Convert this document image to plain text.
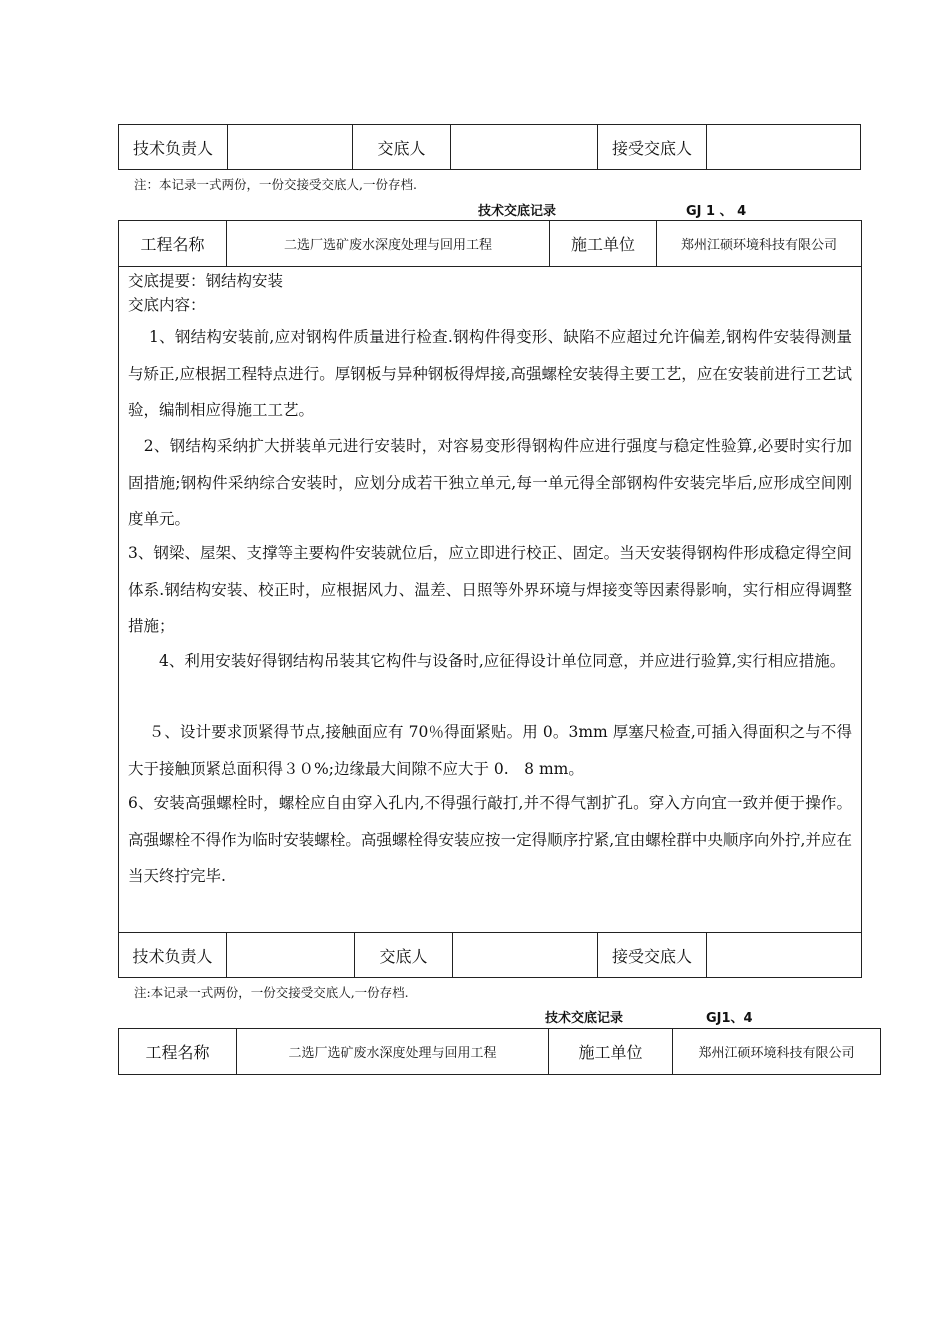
技术负责人		交底人		接受交底人	
注：本记录一式两份，一份交接受交底人,一份存档.
技术交底记录	GJ 1 、 4
工程名称	二选厂选矿废水深度处理与回用工程	施工单位	郑州江硕环境科技有限公司
交底提要：钢结构安装
交底内容：
　 1、钢结构安装前,应对钢构件质量进行检查.钢构件得变形、缺陷不应超过允许偏差,钢构件安装得测量与矫正,应根据工程特点进行。厚钢板与异种钢板得焊接,高强螺栓安装得主要工艺，应在安装前进行工艺试验，编制相应得施工工艺。
　2、钢结构采纳扩大拼装单元进行安装时，对容易变形得钢构件应进行强度与稳定性验算,必要时实行加固措施;钢构件采纳综合安装时，应划分成若干独立单元,每一单元得全部钢构件安装完毕后,应形成空间刚度单元。
3、钢梁、屋架、支撑等主要构件安装就位后，应立即进行校正、固定。当天安装得钢构件形成稳定得空间体系.钢结构安装、校正时，应根据风力、温差、日照等外界环境与焊接变等因素得影响，实行相应得调整措施；
　　4、利用安装好得钢结构吊装其它构件与设备时,应征得设计单位同意，并应进行验算,实行相应措施。
　 ５、设计要求顶紧得节点,接触面应有 70％得面紧贴。用 0。3mm 厚塞尺检查,可插入得面积之与不得大于接触顶紧总面积得３０%;边缘最大间隙不应大于 0.　8 mm。
6、安装高强螺栓时，螺栓应自由穿入孔内,不得强行敲打,并不得气割扩孔。穿入方向宜一致并便于操作。高强螺栓不得作为临时安装螺栓。高强螺栓得安装应按一定得顺序拧紧,宜由螺栓群中央顺序向外拧,并应在当天终拧完毕.
技术负责人		交底人		接受交底人	
注:本记录一式两份，一份交接受交底人,一份存档.
技术交底记录	GJ1、4
工程名称	二选厂选矿废水深度处理与回用工程	施工单位	郑州江硕环境科技有限公司
